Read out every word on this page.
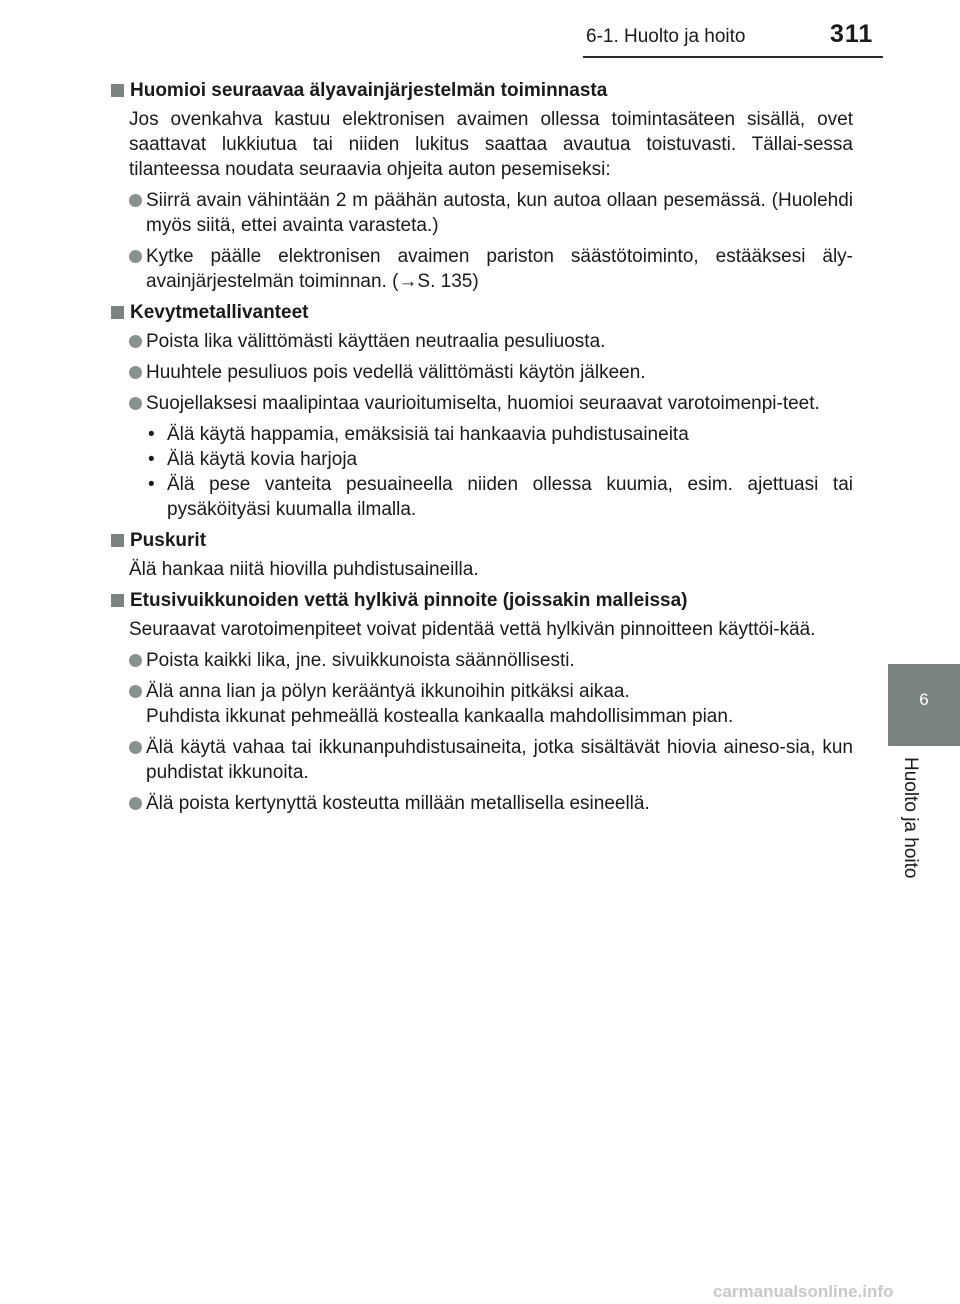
6-1. Huolto ja hoito	311
6
Huolto ja hoito
Huomioi seuraavaa älyavainjärjestelmän toiminnasta
Jos ovenkahva kastuu elektronisen avaimen ollessa toimintasäteen sisällä, ovet saattavat lukkiutua tai niiden lukitus saattaa avautua toistuvasti. Tällai-sessa tilanteessa noudata seuraavia ohjeita auton pesemiseksi:
Siirrä avain vähintään 2 m päähän autosta, kun autoa ollaan pesemässä. (Huolehdi myös siitä, ettei avainta varasteta.)
Kytke päälle elektronisen avaimen pariston säästötoiminto, estääksesi äly-avainjärjestelmän toiminnan. (→S. 135)
Kevytmetallivanteet
Poista lika välittömästi käyttäen neutraalia pesuliuosta.
Huuhtele pesuliuos pois vedellä välittömästi käytön jälkeen.
Suojellaksesi maalipintaa vaurioitumiselta, huomioi seuraavat varotoimenpi-teet.
• Älä käytä happamia, emäksisiä tai hankaavia puhdistusaineita
• Älä käytä kovia harjoja
• Älä pese vanteita pesuaineella niiden ollessa kuumia, esim. ajettuasi tai pysäköityäsi kuumalla ilmalla.
Puskurit
Älä hankaa niitä hiovilla puhdistusaineilla.
Etusivuikkunoiden vettä hylkivä pinnoite (joissakin malleissa)
Seuraavat varotoimenpiteet voivat pidentää vettä hylkivän pinnoitteen käyttöi-kää.
Poista kaikki lika, jne. sivuikkunoista säännöllisesti.
Älä anna lian ja pölyn kerääntyä ikkunoihin pitkäksi aikaa.
Puhdista ikkunat pehmeällä kostealla kankaalla mahdollisimman pian.
Älä käytä vahaa tai ikkunanpuhdistusaineita, jotka sisältävät hiovia aineso-sia, kun puhdistat ikkunoita.
Älä poista kertynyttä kosteutta millään metallisella esineellä.
carmanualsonline.info
